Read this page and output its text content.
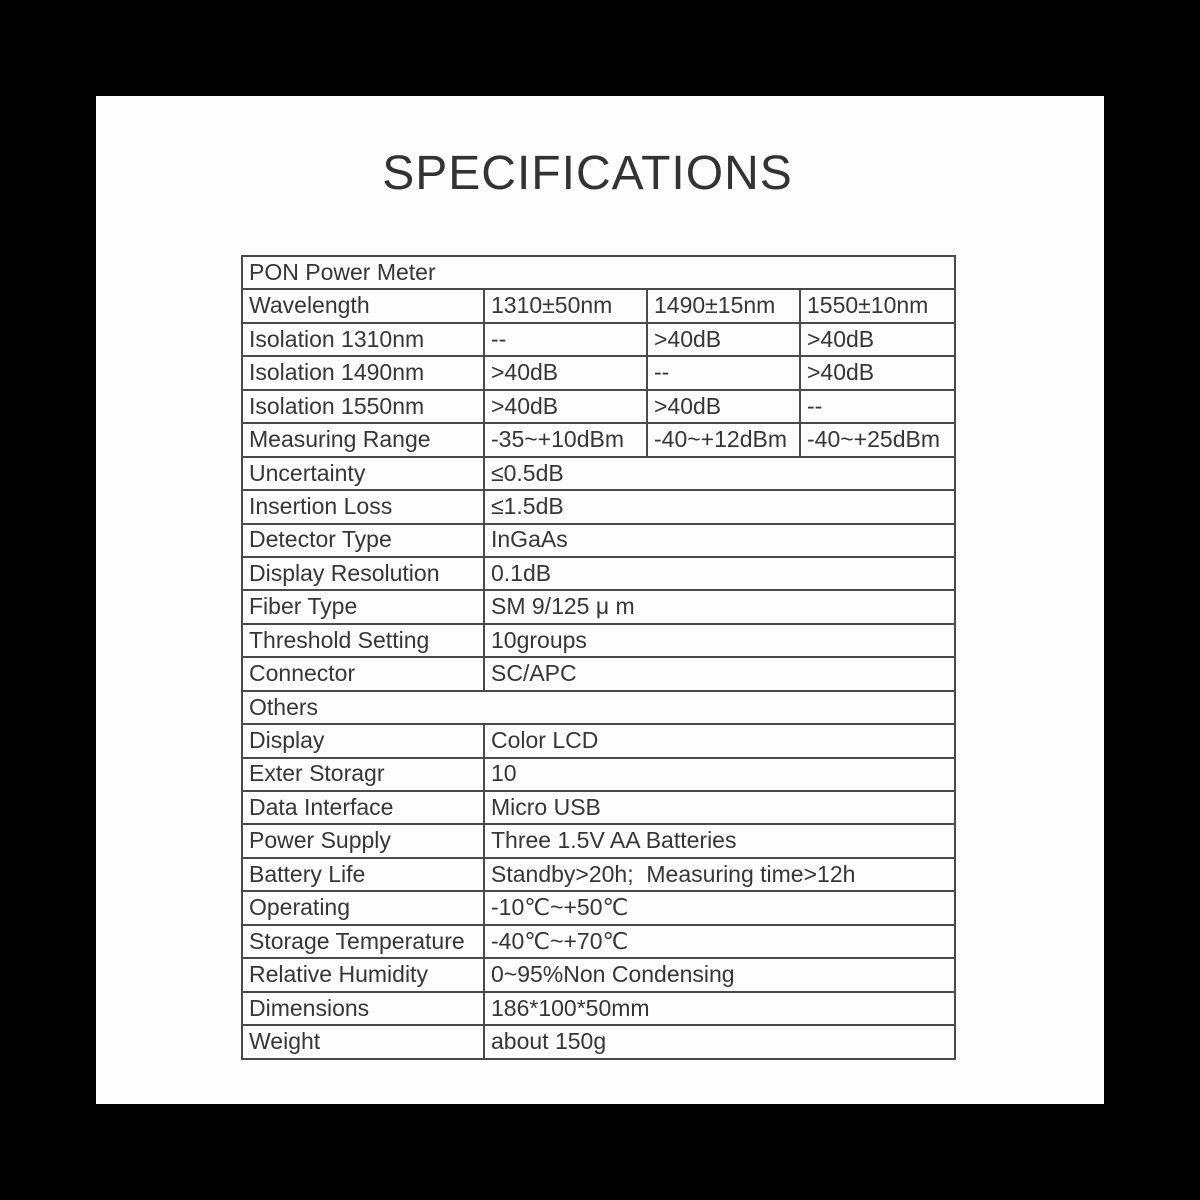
SPECIFICATIONS
PON Power Meter			
Wavelength	1310±50nm	1490±15nm	1550±10nm
Isolation 1310nm	--	>40dB	>40dB
Isolation 1490nm	>40dB	--	>40dB
Isolation 1550nm	>40dB	>40dB	--
Measuring Range	-35~+10dBm	-40~+12dBm	-40~+25dBm
Uncertainty	≤0.5dB		
Insertion Loss	≤1.5dB		
Detector Type	InGaAs		
Display Resolution	0.1dB		
Fiber Type	SM 9/125 μ m		
Threshold Setting	10groups		
Connector	SC/APC		
Others			
Display	Color LCD		
Exter Storagr	10		
Data Interface	Micro USB		
Power Supply	Three 1.5V AA Batteries		
Battery Life	Standby>20h;  Measuring time>12h		
Operating	-10℃~+50℃		
Storage Temperature	-40℃~+70℃		
Relative Humidity	0~95%Non Condensing		
Dimensions	186*100*50mm		
Weight	about 150g		
